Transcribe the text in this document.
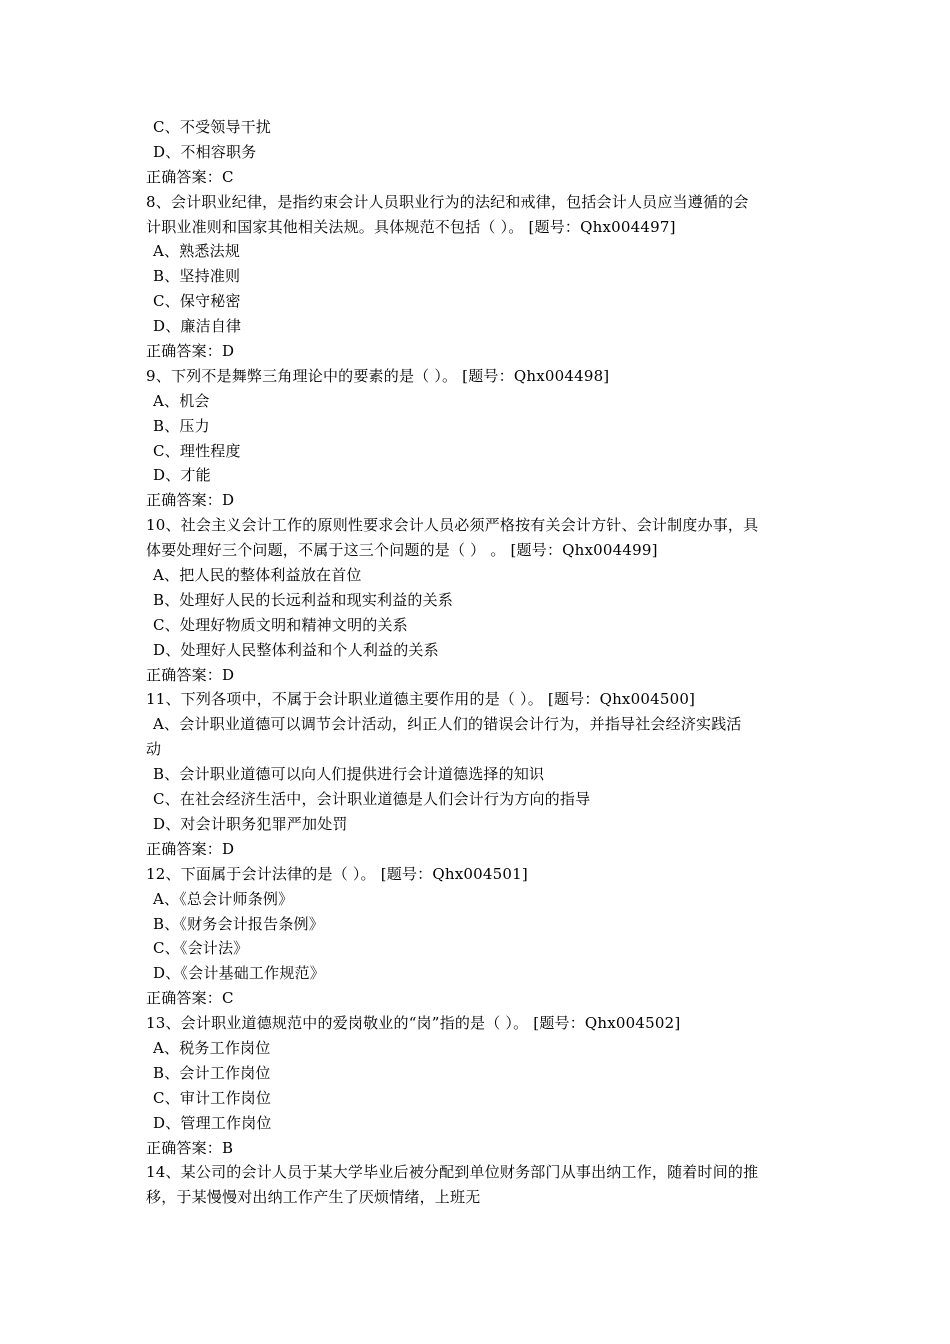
C、不受领导干扰
D、不相容职务
正确答案：C
8、会计职业纪律，是指约束会计人员职业行为的法纪和戒律，包括会计人员应当遵循的会
计职业准则和国家其他相关法规。具体规范不包括（ ）。 [题号：Qhx004497]
A、熟悉法规
B、坚持准则
C、保守秘密
D、廉洁自律
正确答案：D
9、下列不是舞弊三角理论中的要素的是（ ）。 [题号：Qhx004498]
A、机会
B、压力
C、理性程度
D、才能
正确答案：D
10、社会主义会计工作的原则性要求会计人员必须严格按有关会计方针、会计制度办事，具
体要处理好三个问题，不属于这三个问题的是（ ） 。 [题号：Qhx004499]
A、把人民的整体利益放在首位
B、处理好人民的长远利益和现实利益的关系
C、处理好物质文明和精神文明的关系
D、处理好人民整体利益和个人利益的关系
正确答案：D
11、下列各项中，不属于会计职业道德主要作用的是（ ）。 [题号：Qhx004500]
A、会计职业道德可以调节会计活动，纠正人们的错误会计行为，并指导社会经济实践活
动
B、会计职业道德可以向人们提供进行会计道德选择的知识
C、在社会经济生活中，会计职业道德是人们会计行为方向的指导
D、对会计职务犯罪严加处罚
正确答案：D
12、下面属于会计法律的是（ ）。 [题号：Qhx004501]
A、《总会计师条例》
B、《财务会计报告条例》
C、《会计法》
D、《会计基础工作规范》
正确答案：C
13、会计职业道德规范中的爱岗敬业的“岗”指的是（ ）。 [题号：Qhx004502]
A、税务工作岗位
B、会计工作岗位
C、审计工作岗位
D、管理工作岗位
正确答案：B
14、某公司的会计人员于某大学毕业后被分配到单位财务部门从事出纳工作，随着时间的推
移，于某慢慢对出纳工作产生了厌烦情绪，上班无
